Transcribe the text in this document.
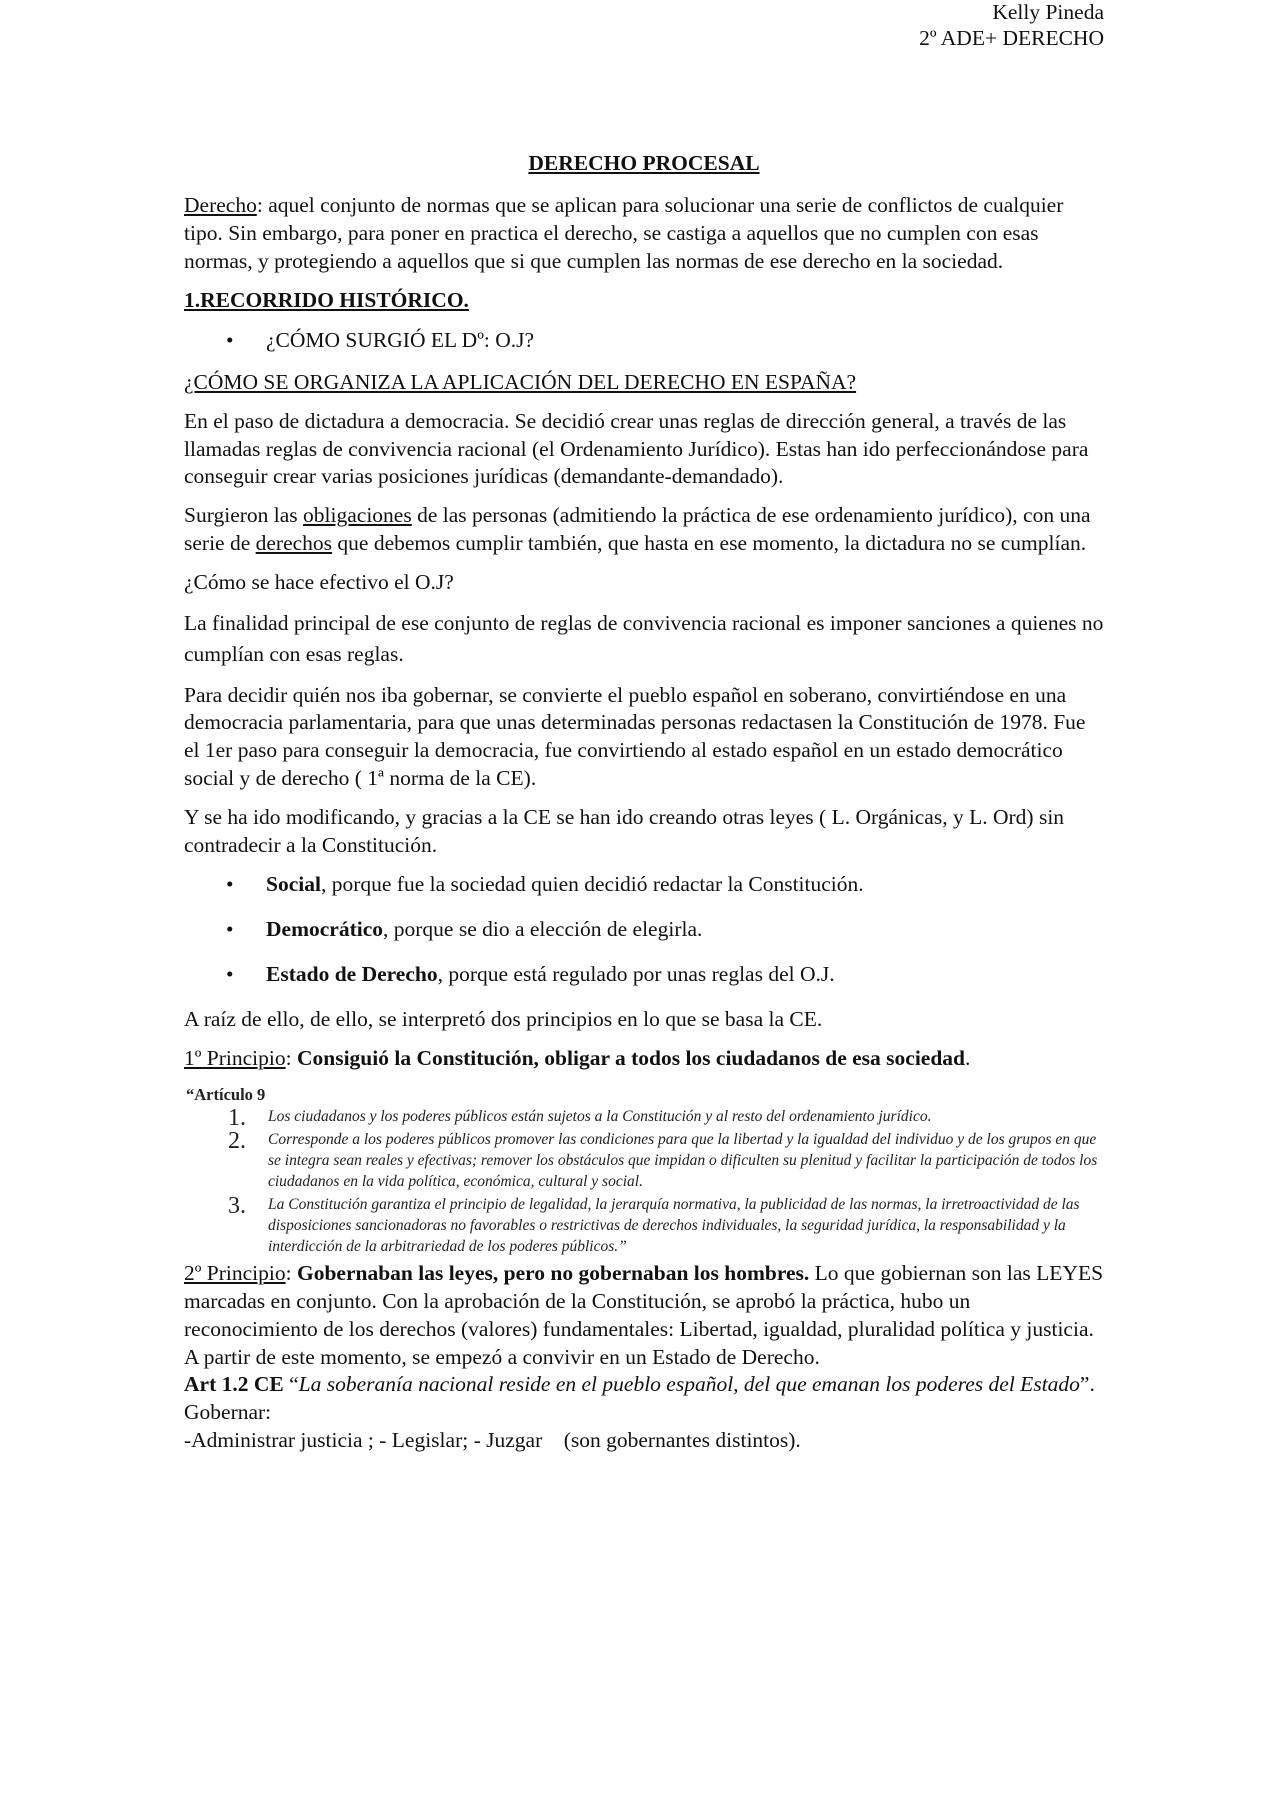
Kelly Pineda
2º ADE+ DERECHO
DERECHO PROCESAL

Derecho: aquel conjunto de normas que se aplican para solucionar una serie de conflictos de cualquier tipo. Sin embargo, para poner en practica el derecho, se castiga a aquellos que no cumplen con esas normas, y protegiendo a aquellos que si que cumplen las normas de ese derecho en la sociedad.

1.RECORRIDO HISTÓRICO.
• ¿CÓMO SURGIÓ EL Dº: O.J?

¿CÓMO SE ORGANIZA LA APLICACIÓN DEL DERECHO EN ESPAÑA?

En el paso de dictadura a democracia. Se decidió crear unas reglas de dirección general, a través de las llamadas reglas de convivencia racional (el Ordenamiento Jurídico). Estas han ido perfeccionándose para conseguir crear varias posiciones jurídicas (demandante-demandado).

Surgieron las obligaciones de las personas (admitiendo la práctica de ese ordenamiento jurídico), con una serie de derechos que debemos cumplir también, que hasta en ese momento, la dictadura no se cumplían.

¿Cómo se hace efectivo el O.J?

La finalidad principal de ese conjunto de reglas de convivencia racional es imponer sanciones a quienes no cumplían con esas reglas.

Para decidir quién nos iba gobernar, se convierte el pueblo español en soberano, convirtiéndose en una democracia parlamentaria, para que unas determinadas personas redactasen la Constitución de 1978. Fue el 1er paso para conseguir la democracia, fue convirtiendo al estado español en un estado democrático social y de derecho ( 1ª norma de la CE).

Y se ha ido modificando, y gracias a la CE se han ido creando otras leyes ( L. Orgánicas, y L. Ord) sin contradecir a la Constitución.

• Social, porque fue la sociedad quien decidió redactar la Constitución.
• Democrático, porque se dio a elección de elegirla.
• Estado de Derecho, porque está regulado por unas reglas del O.J.

A raíz de ello, de ello, se interpretó dos principios en lo que se basa la CE.

1º Principio: Consiguió la Constitución, obligar a todos los ciudadanos de esa sociedad.

“Artículo 9
1. Los ciudadanos y los poderes públicos están sujetos a la Constitución y al resto del ordenamiento jurídico.
2. Corresponde a los poderes públicos promover las condiciones para que la libertad y la igualdad del individuo y de los grupos en que se integra sean reales y efectivas; remover los obstáculos que impidan o dificulten su plenitud y facilitar la participación de todos los ciudadanos en la vida política, económica, cultural y social.
3. La Constitución garantiza el principio de legalidad, la jerarquía normativa, la publicidad de las normas, la irretroactividad de las disposiciones sancionadoras no favorables o restrictivas de derechos individuales, la seguridad jurídica, la responsabilidad y la interdicción de la arbitrariedad de los poderes públicos.”

2º Principio: Gobernaban las leyes, pero no gobernaban los hombres. Lo que gobiernan son las LEYES marcadas en conjunto. Con la aprobación de la Constitución, se aprobó la práctica, hubo un reconocimiento de los derechos (valores) fundamentales: Libertad, igualdad, pluralidad política y justicia.

A partir de este momento, se empezó a convivir en un Estado de Derecho.

Art 1.2 CE “La soberanía nacional reside en el pueblo español, del que emanan los poderes del Estado”.

Gobernar:

-Administrar justicia ; - Legislar; - Juzgar    (son gobernantes distintos).
